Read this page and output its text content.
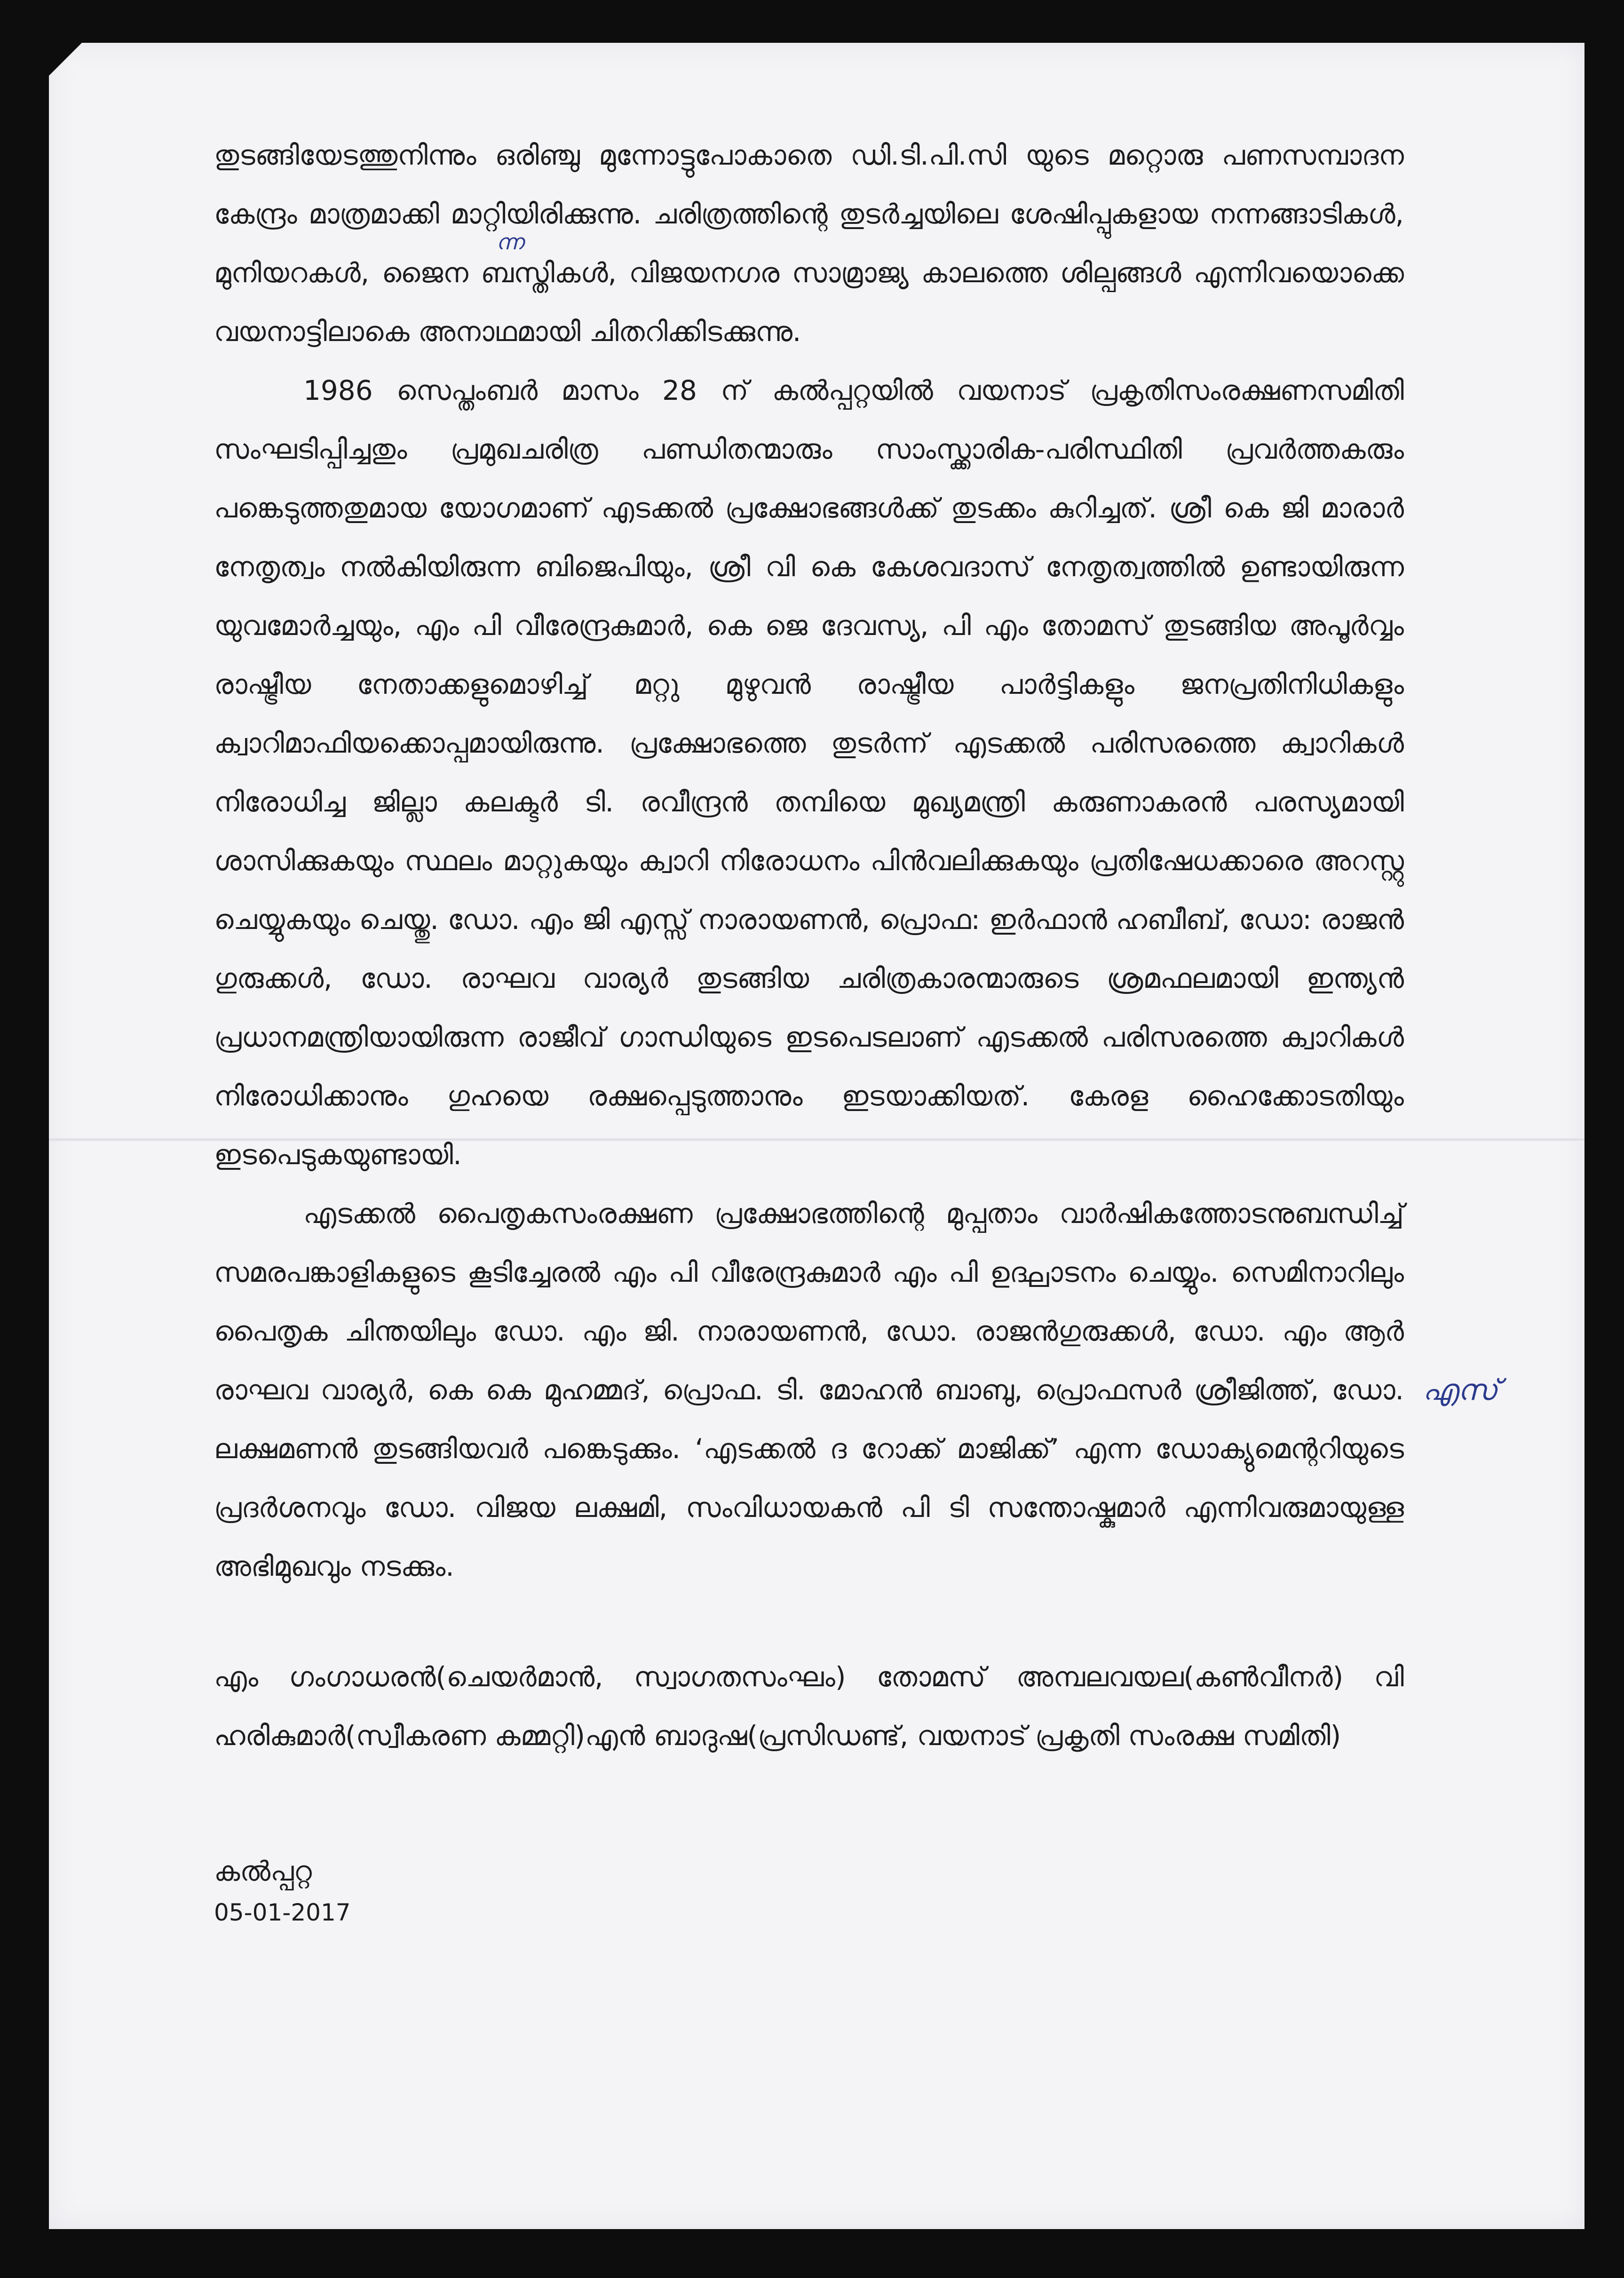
തുടങ്ങിയേടത്തുനിന്നും ഒരിഞ്ചു മുന്നോട്ടുപോകാതെ ഡി.ടി.പി.സി യുടെ മറ്റൊരു പണസമ്പാദന കേന്ദ്രം മാത്രമാക്കി മാറ്റിയിരിക്കുന്നു. ചരിത്രത്തിന്റെ തുടർച്ചയിലെ ശേഷിപ്പുകളായ നന്നങ്ങാടികൾ, മുനിയറകൾ, ജൈന ബസ്തികൾ, വിജയനഗര സാമ്രാജ്യ കാലത്തെ ശില്പങ്ങൾ എന്നിവയൊക്കെ വയനാട്ടിലാകെ അനാഥമായി ചിതറിക്കിടക്കുന്നു.

1986 സെപ്തംബർ മാസം 28 ന് കൽപ്പറ്റയിൽ വയനാട് പ്രകൃതിസംരക്ഷണസമിതി സംഘടിപ്പിച്ചതും പ്രമുഖചരിത്ര പണ്ഡിതന്മാരും സാംസ്ക്കാരിക-പരിസ്ഥിതി പ്രവർത്തകരും പങ്കെടുത്തതുമായ യോഗമാണ് എടക്കൽ പ്രക്ഷോഭങ്ങൾക്ക് തുടക്കം കുറിച്ചത്. ശ്രീ കെ ജി മാരാർ നേതൃത്വം നൽകിയിരുന്ന ബിജെപിയും, ശ്രീ വി കെ കേശവദാസ് നേതൃത്വത്തിൽ ഉണ്ടായിരുന്ന യുവമോർച്ചയും, എം പി വീരേന്ദ്രകുമാർ, കെ ജെ ദേവസ്യ, പി എം തോമസ് തുടങ്ങിയ അപൂർവ്വം രാഷ്ട്രീയ നേതാക്കളുമൊഴിച്ച് മറ്റു മുഴുവൻ രാഷ്ട്രീയ പാർട്ടികളും ജനപ്രതിനിധികളും ക്വാറിമാഫിയക്കൊപ്പമായിരുന്നു. പ്രക്ഷോഭത്തെ തുടർന്ന് എടക്കൽ പരിസരത്തെ ക്വാറികൾ നിരോധിച്ച ജില്ലാ കലക്ടർ ടി. രവീന്ദ്രൻ തമ്പിയെ മുഖ്യമന്ത്രി കരുണാകരൻ പരസ്യമായി ശാസിക്കുകയും സ്ഥലം മാറ്റുകയും ക്വാറി നിരോധനം പിൻവലിക്കുകയും പ്രതിഷേധക്കാരെ അറസ്റ്റു ചെയ്യുകയും ചെയ്തു. ഡോ. എം ജി എസ്സ് നാരായണൻ, പ്രൊഫ: ഇർഫാൻ ഹബീബ്, ഡോ: രാജൻ ഗുരുക്കൾ, ഡോ. രാഘവ വാര്യർ തുടങ്ങിയ ചരിത്രകാരന്മാരുടെ ശ്രമഫലമായി ഇന്ത്യൻ പ്രധാനമന്ത്രിയായിരുന്ന രാജീവ് ഗാന്ധിയുടെ ഇടപെടലാണ് എടക്കൽ പരിസരത്തെ ക്വാറികൾ നിരോധിക്കാനും ഗുഹയെ രക്ഷപ്പെടുത്താനും ഇടയാക്കിയത്. കേരള ഹൈക്കോടതിയും ഇടപെടുകയുണ്ടായി.

എടക്കൽ പൈതൃകസംരക്ഷണ പ്രക്ഷോഭത്തിന്റെ മുപ്പതാം വാർഷികത്തോടനുബന്ധിച്ച് സമരപങ്കാളികളുടെ കൂടിച്ചേരൽ എം പി വീരേന്ദ്രകുമാർ എം പി ഉദ്ഘാടനം ചെയ്യും. സെമിനാറിലും പൈതൃക ചിന്തയിലും ഡോ. എം ജി. നാരായണൻ, ഡോ. രാജൻഗുരുക്കൾ, ഡോ. എം ആർ രാഘവ വാര്യർ, കെ കെ മുഹമ്മദ്, പ്രൊഫ. ടി. മോഹൻ ബാബു, പ്രൊഫസർ ശ്രീജിത്ത്, ഡോ. ലക്ഷമണൻ തുടങ്ങിയവർ പങ്കെടുക്കും. ‘എടക്കൽ ദ റോക്ക് മാജിക്ക്’ എന്ന ഡോക്യുമെന്ററിയുടെ പ്രദർശനവും ഡോ. വിജയ ലക്ഷമി, സംവിധായകൻ പി ടി സന്തോഷ്കുമാർ എന്നിവരുമായുള്ള അഭിമുഖവും നടക്കും.

എം ഗംഗാധരൻ(ചെയർമാൻ, സ്വാഗതസംഘം) തോമസ് അമ്പലവയല(കൺവീനർ) വി ഹരികുമാർ(സ്വീകരണ കമ്മറ്റി)എൻ ബാദുഷ(പ്രസിഡണ്ട്, വയനാട് പ്രകൃതി സംരക്ഷ സമിതി)

കൽപ്പറ്റ

05-01-2017

ന്ന
എസ്
